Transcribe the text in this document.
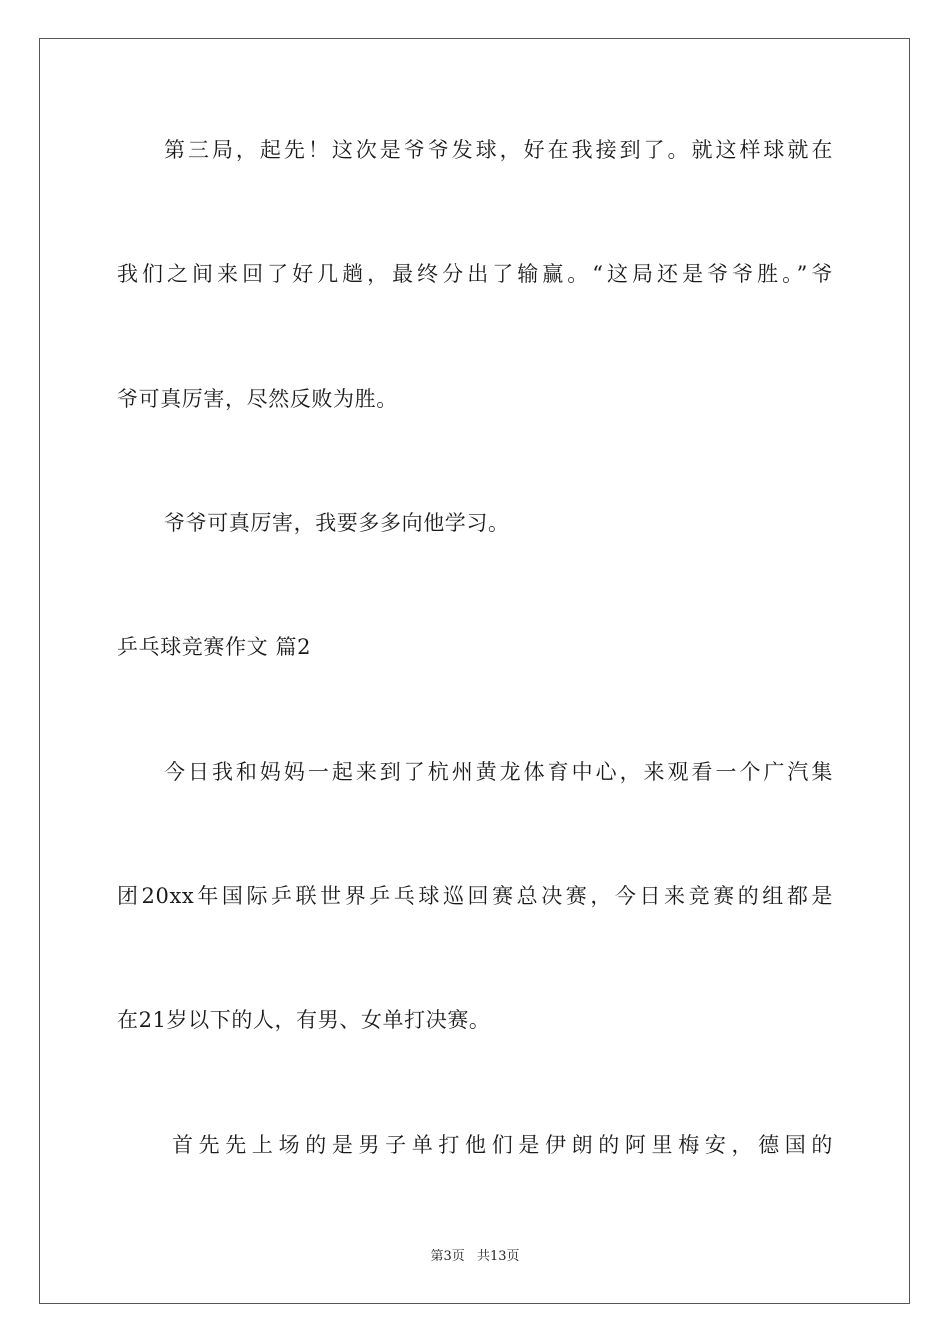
第三局，起先！这次是爷爷发球，好在我接到了。就这样球就在
我们之间来回了好几趟，最终分出了输赢。“这局还是爷爷胜。”爷
爷可真厉害，尽然反败为胜。
爷爷可真厉害，我要多多向他学习。
乒乓球竞赛作文 篇2
今日我和妈妈一起来到了杭州黄龙体育中心，来观看一个广汽集
团20xx年国际乒联世界乒乓球巡回赛总决赛，今日来竞赛的组都是
在21岁以下的人，有男、女单打决赛。
首先先上场的是男子单打他们是伊朗的阿里梅安，德国的
第3页 共13页
